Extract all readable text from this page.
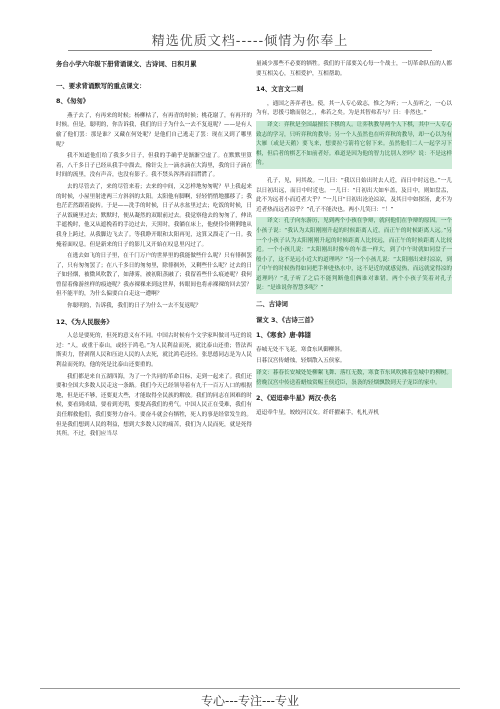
精选优质文档-----倾情为你奉上

务台小学六年级下册背诵课文、古诗词、日积月累

一、要求背诵默写的重点课文：

8、《匆匆》

燕子去了，有再来的时候；杨柳枯了，有再青的时候；桃花谢了，有再开的时候。但是，聪明的，你告诉我，我们的日子为什么一去不复返呢？——是有人偷了他们罢：那是谁？又藏在何处呢？是他们自己逃走了罢：现在又到了哪里呢？

我不知道他们给了我多少日子，但我的手确乎是渐渐空虚了。在默默里算着，八千多日子已经从我手中溜去，像针尖上一滴水滴在大海里，我的日子滴在时间的流里，没有声音，也没有影子。我不禁头涔涔而泪潸潸了。

去的尽管去了，来的尽管来着；去来的中间，又怎样地匆匆呢？早上我起来的时候，小屋里射进两三方斜斜的太阳。太阳他有脚啊，轻轻悄悄地挪移了；我也茫茫然跟着旋转。于是——洗手的时候，日子从水盆里过去；吃饭的时候，日子从饭碗里过去；默默时，便从凝然的双眼前过去。我觉察他去的匆匆了，伸出手遮挽时，他又从遮挽着的手边过去，天黑时，我躺在床上，他便伶伶俐俐地从我身上跨过，从我脚边飞去了。等我睁开眼和太阳再见，这算又溜走了一日。我掩着面叹息。但是新来的日子的影儿又开始在叹息里闪过了。

在逃去如飞的日子里，在千门万户的世界里的我能做些什么呢？只有徘徊罢了，只有匆匆罢了；在八千多日的匆匆里，除徘徊外，又剩些什么呢？过去的日子如轻烟，被微风吹散了，如薄雾，被初阳蒸融了；我留着些什么痕迹呢？我何曾留着像游丝样的痕迹呢？我赤裸裸来到这世界，转眼间也将赤裸裸的回去罢？但不能平的，为什么偏要白白走这一遭啊？

你聪明的，告诉我，我们的日子为什么一去不复返呢？

12、《为人民服务》

人总是要死的，但死的意义有不同。中国古时候有个文学家叫做司马迁的说过：“人，或重于泰山，或轻于鸿毛。”为人民利益而死，就比泰山还重；替法西斯卖力，替剥削人民和压迫人民的人去死，就比鸿毛还轻。张思德同志是为人民利益而死的，他的死是比泰山还要重的。

我们都是来自五湖四海，为了一个共同的革命目标，走到一起来了。我们还要和全国大多数人民走这一条路。我们今天已经领导着有九千一百万人口的根据地，但是还不够，还要更大些，才能取得全民族的解放。我们的同志在困难的时候，要看到成绩，要看到光明，要提高我们的勇气。中国人民正在受难，我们有责任解救他们，我们要努力奋斗。要奋斗就会有牺牲，死人的事是经常发生的。但是我们想到人民的利益，想到大多数人民的痛苦，我们为人民而死，就是死得其所。不过，我们应当尽

量减少那些不必要的牺牲。我们的干部要关心每一个战士，一切革命队伍的人都要互相关心，互相爱护，互相帮助。

14、文言文二则

，通国之善弈者也。使，其一人专心致志，惟之为听；一人虽听之，一心以为有，思援弓缴而射之，，弗若之矣。为是其智弗若与？曰：非然也。”

译文：弈秋是全国最擅长下棋的人。让弈秋教导两个人下棋，其中一人专心致志的学习，只听弈秋的教导；另一个人虽然也在听弈秋的教导，却一心以为有大雁（或是天鹅）要飞来，想要拉弓箭将它射下来。虽然他们二人一起学习下棋，但后者的棋艺不如前者好。难道是因为他的智力比别人差吗？说：不是这样的。

孔子，见，问其故。一儿曰：“我以日始出时去人近，而日中时远也。”一儿以日初出远，而日中时近也。一儿曰：“日初出大如车盖，及日中，则如盘盂，此不为远者小而近者大乎？”一儿曰“日初出沧沧凉凉，及其日中如探汤，此不为近者热而远者凉乎？”孔子不能决也。两小儿笑曰：“！”

译文：孔子向东游历，见到两个小孩在争辩，就问他们在争辩的原因。一个小孩子说：“我认为太阳刚刚升起的时候距离人近，而正午的时候距离人远。”另一个小孩子认为太阳刚刚升起的时候距离人比较远，而正午的时候距离人比较近。一个小孩儿说：“太阳刚出时像车的车盖一样大，到了中午时就如同盘子一般小了，这不是远小近大的道理吗？”另一个小孩儿说：“太阳刚出来时凉凉，到了中午的时候热得如同把手伸进热水中，这不是近的就感觉热，而远就觉得凉的道理吗？”孔子听了之后不能判断他们俩谁对谁错。两个小孩子笑着对孔子说：“是谁说你智慧多呢？”

二、古诗词

课文 3、《古诗三首》

1、《寒食》唐·韩翃

春城无处不飞花，寒食东风御柳斜。

日暮汉宫传蜡烛，轻烟散入五侯家。

译文：暮春长安城处处柳絮飞舞、落红无数，寒食节东风吹拂着皇城中的柳树。傍晚汉宫中传送着蜡烛赏赐王侯近臣，袅袅的轻烟飘散到天子宠臣的家中。

2、《迢迢牵牛星》两汉·佚名

迢迢牵牛星，皎皎河汉女。纤纤擢素手，札札弄机

专心---专注---专业
